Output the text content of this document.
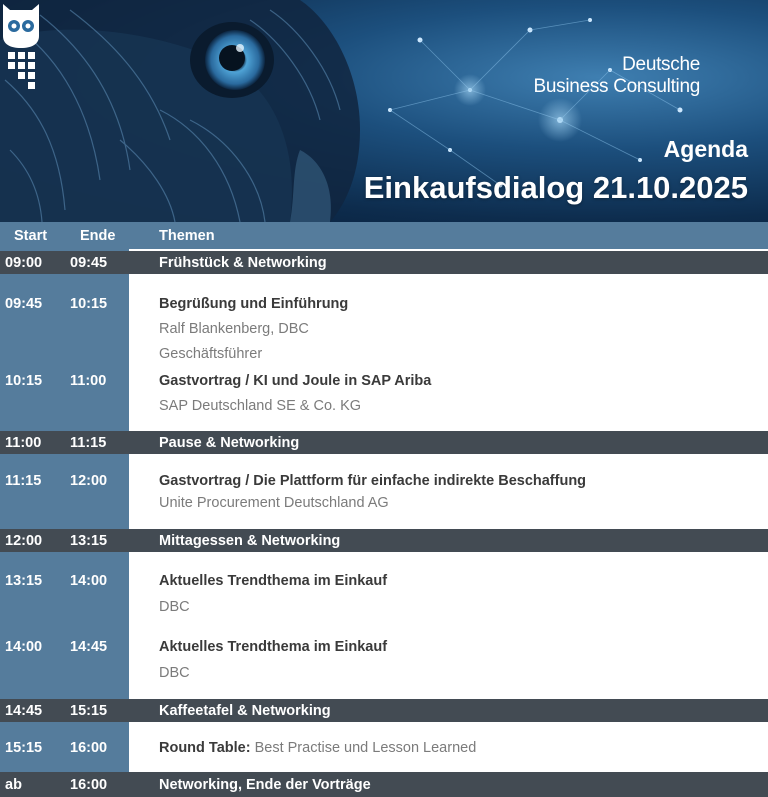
Deutsche
Business Consulting
Agenda
Einkaufsdialog 21.10.2025
Start Ende	Themen
09:00 09:45	Frühstück & Networking
09:45 10:15	Begrüßung und Einführung
Ralf Blankenberg, DBC
Geschäftsführer
10:15 11:00	Gastvortrag / KI und Joule in SAP Ariba
SAP Deutschland SE & Co. KG
11:00 11:15	Pause & Networking
11:15 12:00	Gastvortrag / Die Plattform für einfache indirekte Beschaffung
Unite Procurement Deutschland AG
12:00 13:15	Mittagessen & Networking
13:15 14:00	Aktuelles Trendthema im Einkauf
DBC
14:00 14:45	Aktuelles Trendthema im Einkauf
DBC
14:45 15:15	Kaffeetafel & Networking
15:15 16:00	Round Table: Best Practise und Lesson Learned
ab	16:00	Networking, Ende der Vorträge
